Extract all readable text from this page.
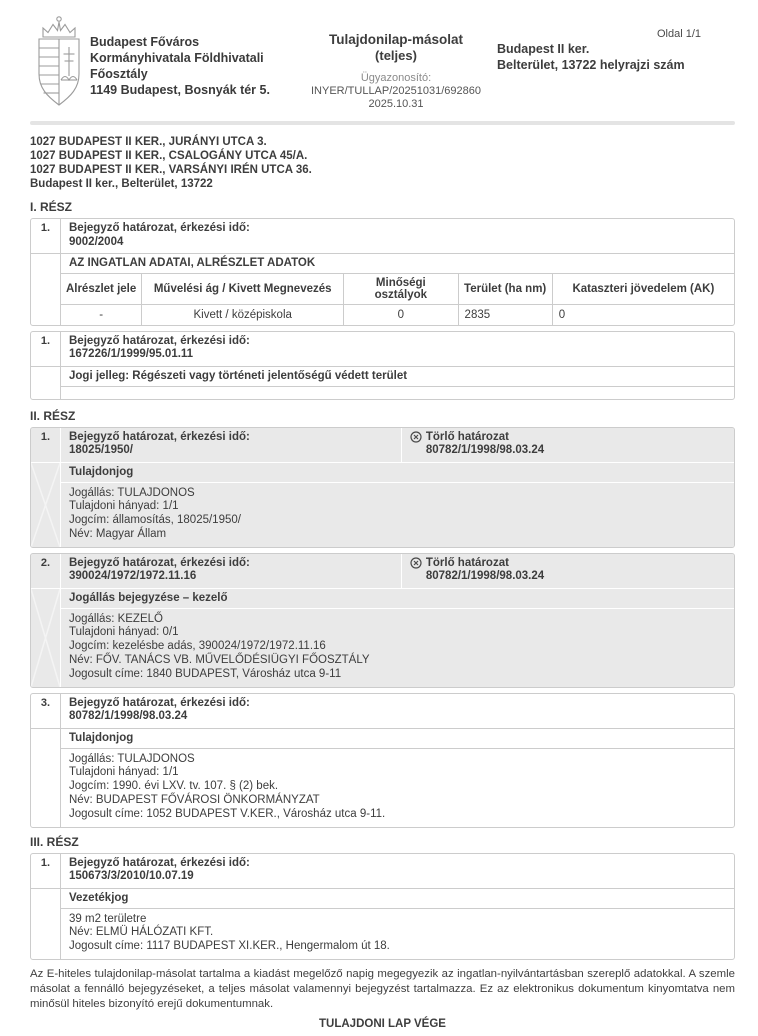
Budapest Főváros
Kormányhivatala Földhivatali
Főosztály
1149 Budapest, Bosnyák tér 5.
Tulajdonilap-másolat
(teljes)
Ügyazonosító:
INYER/TULLAP/20251031/692860
2025.10.31
Oldal 1/1
Budapest II ker.
Belterület, 13722 helyrajzi szám
1027 BUDAPEST II KER., JURÁNYI UTCA 3.
1027 BUDAPEST II KER., CSALOGÁNY UTCA 45/A.
1027 BUDAPEST II KER., VARSÁNYI IRÉN UTCA 36.
Budapest II ker., Belterület, 13722
I. RÉSZ
1.	Bejegyző határozat, érkezési idő:
9002/2004
AZ INGATLAN ADATAI, ALRÉSZLET ADATOK
Alrészlet jele	Művelési ág / Kivett Megnevezés	Minőségi osztályok	Terület (ha nm)	Kataszteri jövedelem (AK)
-	Kivett / középiskola	0	2835	0
1.	Bejegyző határozat, érkezési idő:
167226/1/1999/95.01.11
Jogi jelleg: Régészeti vagy történeti jelentőségű védett terület
II. RÉSZ
1.	Bejegyző határozat, érkezési idő:
18025/1950/
Törlő határozat
80782/1/1998/98.03.24
Tulajdonjog
Jogállás: TULAJDONOS
Tulajdoni hányad: 1/1
Jogcím: államosítás, 18025/1950/
Név: Magyar Állam
2.	Bejegyző határozat, érkezési idő:
390024/1972/1972.11.16
Törlő határozat
80782/1/1998/98.03.24
Jogállás bejegyzése – kezelő
Jogállás: KEZELŐ
Tulajdoni hányad: 0/1
Jogcím: kezelésbe adás, 390024/1972/1972.11.16
Név: FŐV. TANÁCS VB. MŰVELŐDÉSIÜGYI FŐOSZTÁLY
Jogosult címe: 1840 BUDAPEST, Városház utca 9-11
3.	Bejegyző határozat, érkezési idő:
80782/1/1998/98.03.24
Tulajdonjog
Jogállás: TULAJDONOS
Tulajdoni hányad: 1/1
Jogcím: 1990. évi LXV. tv. 107. § (2) bek.
Név: BUDAPEST FŐVÁROSI ÖNKORMÁNYZAT
Jogosult címe: 1052 BUDAPEST V.KER., Városház utca 9-11.
III. RÉSZ
1.	Bejegyző határozat, érkezési idő:
150673/3/2010/10.07.19
Vezetékjog
39 m2 területre
Név: ELMÜ HÁLÓZATI KFT.
Jogosult címe: 1117 BUDAPEST XI.KER., Hengermalom út 18.
Az E-hiteles tulajdonilap-másolat tartalma a kiadást megelőző napig megegyezik az ingatlan-nyilvántartásban szereplő adatokkal. A szemle másolat a fennálló bejegyzéseket, a teljes másolat valamennyi bejegyzést tartalmazza. Ez az elektronikus dokumentum kinyomtatva nem minősül hiteles bizonyító erejű dokumentumnak.
TULAJDONI LAP VÉGE
